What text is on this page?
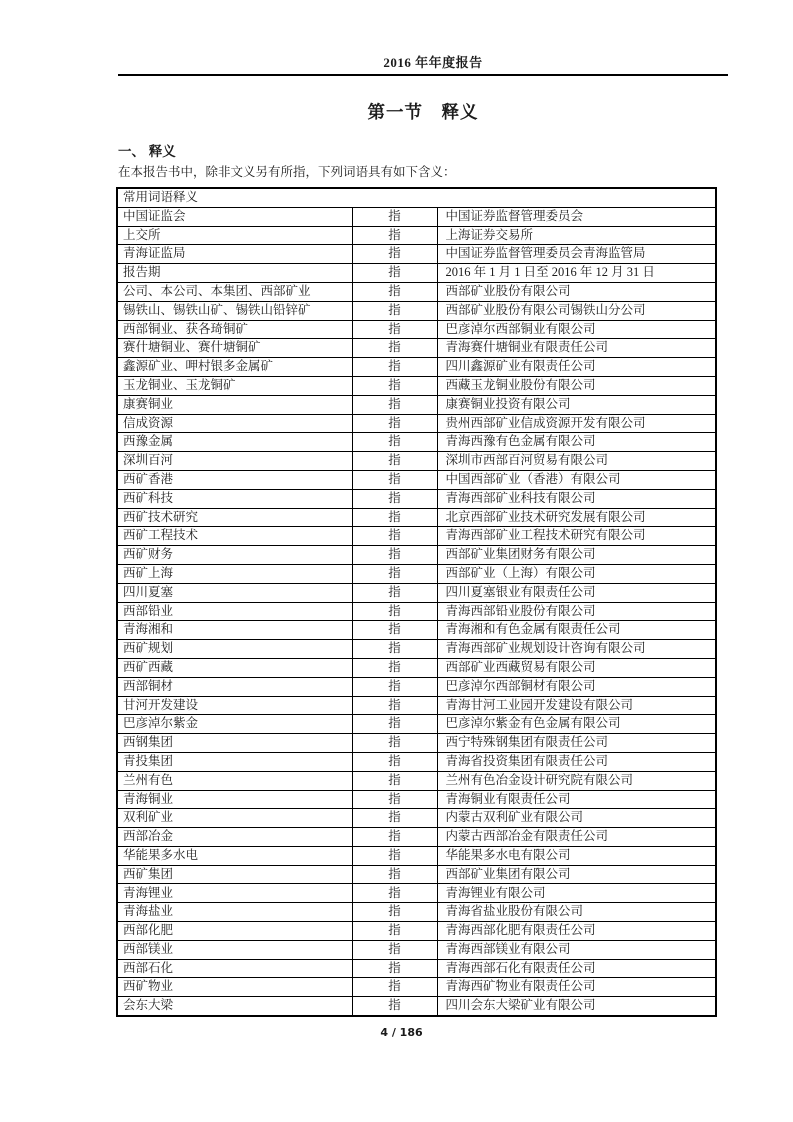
2016 年年度报告
第一节　释义
一、 释义
在本报告书中，除非文义另有所指，下列词语具有如下含义：
常用词语释义		
中国证监会	指	中国证券监督管理委员会
上交所	指	上海证券交易所
青海证监局	指	中国证券监督管理委员会青海监管局
报告期	指	2016 年 1 月 1 日至 2016 年 12 月 31 日
公司、本公司、本集团、西部矿业	指	西部矿业股份有限公司
锡铁山、锡铁山矿、锡铁山铅锌矿	指	西部矿业股份有限公司锡铁山分公司
西部铜业、获各琦铜矿	指	巴彦淖尔西部铜业有限公司
赛什塘铜业、赛什塘铜矿	指	青海赛什塘铜业有限责任公司
鑫源矿业、呷村银多金属矿	指	四川鑫源矿业有限责任公司
玉龙铜业、玉龙铜矿	指	西藏玉龙铜业股份有限公司
康赛铜业	指	康赛铜业投资有限公司
信成资源	指	贵州西部矿业信成资源开发有限公司
西豫金属	指	青海西豫有色金属有限公司
深圳百河	指	深圳市西部百河贸易有限公司
西矿香港	指	中国西部矿业（香港）有限公司
西矿科技	指	青海西部矿业科技有限公司
西矿技术研究	指	北京西部矿业技术研究发展有限公司
西矿工程技术	指	青海西部矿业工程技术研究有限公司
西矿财务	指	西部矿业集团财务有限公司
西矿上海	指	西部矿业（上海）有限公司
四川夏塞	指	四川夏塞银业有限责任公司
西部铅业	指	青海西部铅业股份有限公司
青海湘和	指	青海湘和有色金属有限责任公司
西矿规划	指	青海西部矿业规划设计咨询有限公司
西矿西藏	指	西部矿业西藏贸易有限公司
西部铜材	指	巴彦淖尔西部铜材有限公司
甘河开发建设	指	青海甘河工业园开发建设有限公司
巴彦淖尔紫金	指	巴彦淖尔紫金有色金属有限公司
西钢集团	指	西宁特殊钢集团有限责任公司
青投集团	指	青海省投资集团有限责任公司
兰州有色	指	兰州有色冶金设计研究院有限公司
青海铜业	指	青海铜业有限责任公司
双利矿业	指	内蒙古双利矿业有限公司
西部冶金	指	内蒙古西部冶金有限责任公司
华能果多水电	指	华能果多水电有限公司
西矿集团	指	西部矿业集团有限公司
青海锂业	指	青海锂业有限公司
青海盐业	指	青海省盐业股份有限公司
西部化肥	指	青海西部化肥有限责任公司
西部镁业	指	青海西部镁业有限公司
西部石化	指	青海西部石化有限责任公司
西矿物业	指	青海西矿物业有限责任公司
会东大梁	指	四川会东大梁矿业有限公司
4 / 186
